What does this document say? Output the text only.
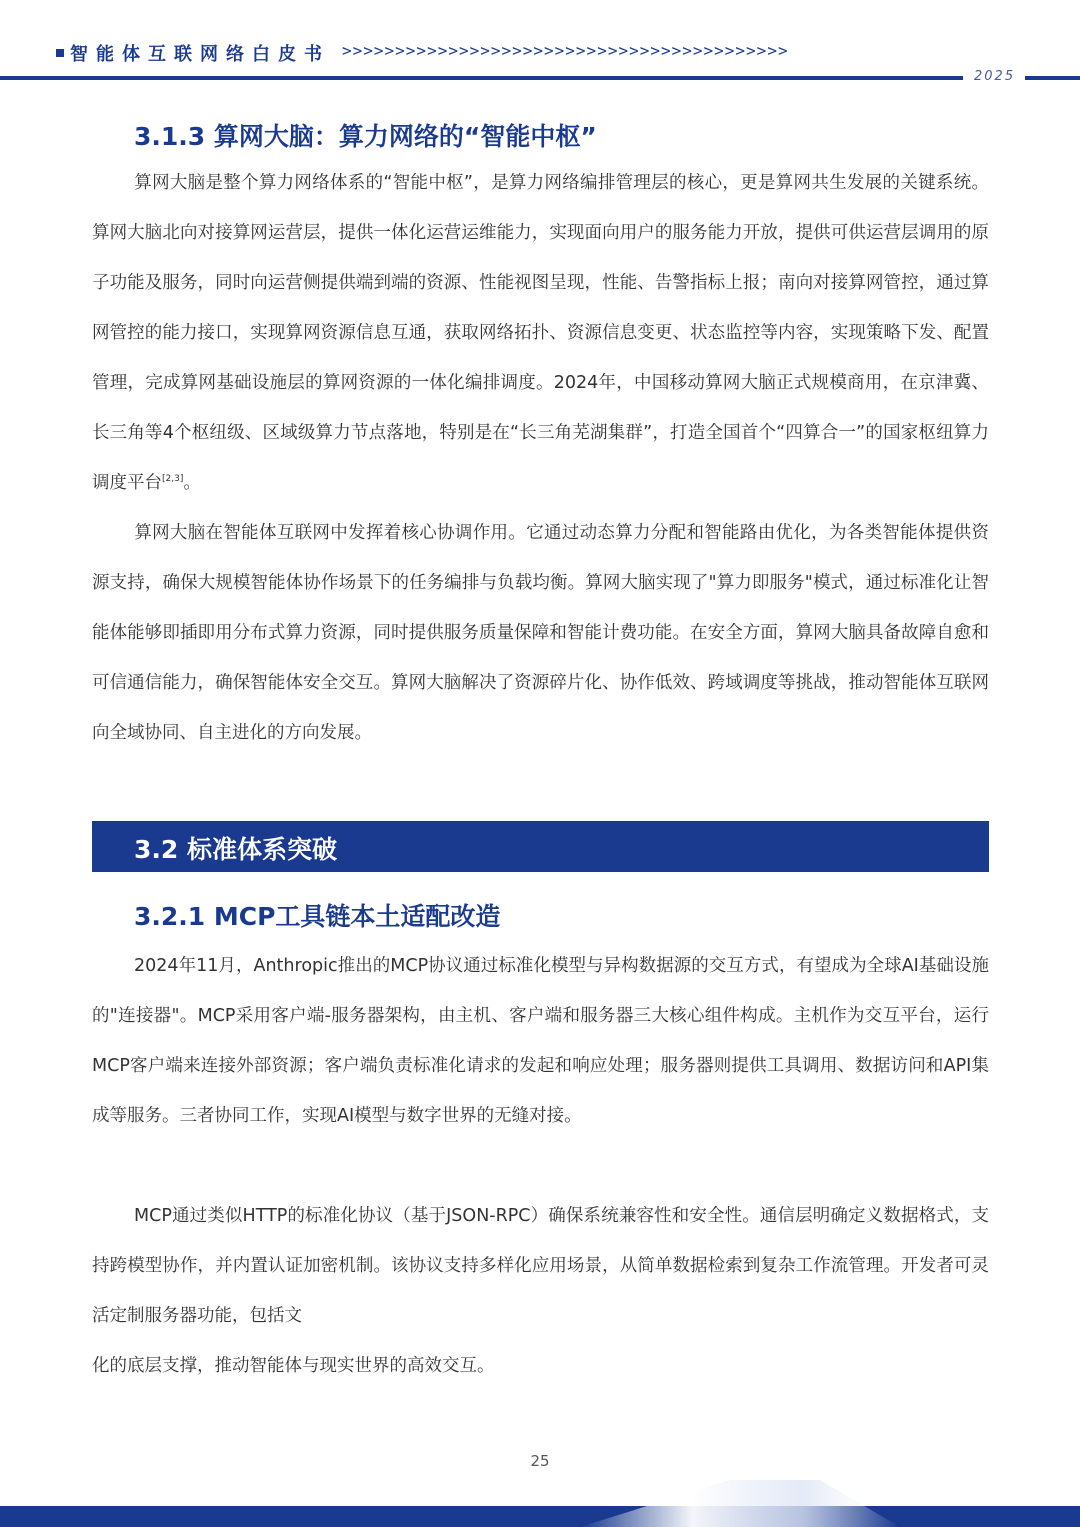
智能体互联网络白皮书 >>>>>>>>>>>>>>>>>>>>>>>>>>>>>>>>>>>>>>>>>>
2025
3.1.3 算网大脑：算力网络的“智能中枢”

算网大脑是整个算力网络体系的“智能中枢”，是算力网络编排管理层的核心，更是算网共生发展的关键系统。算网大脑北向对接算网运营层，提供一体化运营运维能力，实现面向用户的服务能力开放，提供可供运营层调用的原子功能及服务，同时向运营侧提供端到端的资源、性能视图呈现，性能、告警指标上报；南向对接算网管控，通过算网管控的能力接口，实现算网资源信息互通，获取网络拓扑、资源信息变更、状态监控等内容，实现策略下发、配置管理，完成算网基础设施层的算网资源的一体化编排调度。2024年，中国移动算网大脑正式规模商用，在京津冀、长三角等4个枢纽级、区域级算力节点落地，特别是在“长三角芜湖集群”，打造全国首个“四算合一”的国家枢纽算力调度平台[2,3]。

算网大脑在智能体互联网中发挥着核心协调作用。它通过动态算力分配和智能路由优化，为各类智能体提供资源支持，确保大规模智能体协作场景下的任务编排与负载均衡。算网大脑实现了"算力即服务"模式，通过标准化让智能体能够即插即用分布式算力资源，同时提供服务质量保障和智能计费功能。在安全方面，算网大脑具备故障自愈和可信通信能力，确保智能体安全交互。算网大脑解决了资源碎片化、协作低效、跨域调度等挑战，推动智能体互联网向全域协同、自主进化的方向发展。

3.2 标准体系突破
3.2.1 MCP工具链本土适配改造

2024年11月，Anthropic推出的MCP协议通过标准化模型与异构数据源的交互方式，有望成为全球AI基础设施的"连接器"。MCP采用客户端-服务器架构，由主机、客户端和服务器三大核心组件构成。主机作为交互平台，运行MCP客户端来连接外部资源；客户端负责标准化请求的发起和响应处理；服务器则提供工具调用、数据访问和API集成等服务。三者协同工作，实现AI模型与数字世界的无缝对接。

MCP通过类似HTTP的标准化协议（基于JSON-RPC）确保系统兼容性和安全性。通信层明确定义数据格式，支持跨模型协作，并内置认证加密机制。该协议支持多样化应用场景，从简单数据检索到复杂工作流管理。开发者可灵活定制服务器功能，包括文

化的底层支撑，推动智能体与现实世界的高效交互。

25
